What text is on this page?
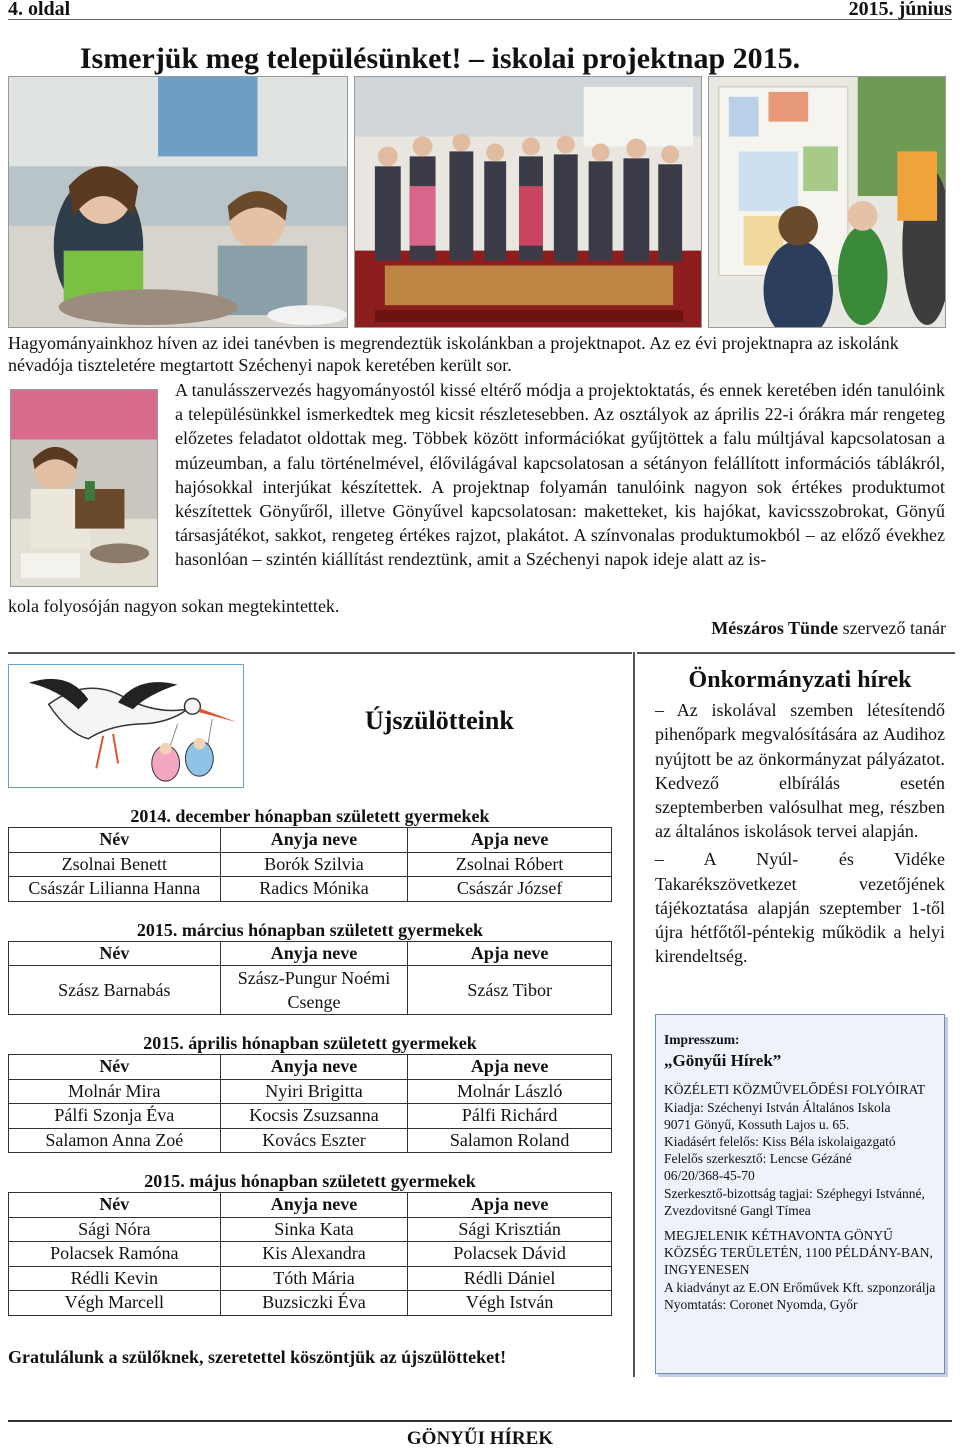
4. oldal	2015. június
Ismerjük meg településünket! – iskolai projektnap 2015.
Hagyományainkhoz híven az idei tanévben is megrendeztük iskolánkban a projektnapot. Az ez évi projektnapra az iskolánk névadója tiszteletére megtartott Széchenyi napok keretében került sor.
A tanulásszervezés hagyományostól kissé eltérő módja a projektoktatás, és ennek keretében idén tanulóink a településünkkel ismerkedtek meg kicsit részletesebben. Az osztályok az április 22-i órákra már rengeteg előzetes feladatot oldottak meg. Többek között információkat gyűjtöttek a falu múltjával kapcsolatosan a múzeumban, a falu történelmével, élővilágával kapcsolatosan a sétányon felállított információs táblákról, hajósokkal interjúkat készítettek. A projektnap folyamán tanulóink nagyon sok értékes produktumot készítettek Gönyűről, illetve Gönyűvel kapcsolatosan: maketteket, kis hajókat, kavicsszobrokat, Gönyű társasjátékot, sakkot, rengeteg értékes rajzot, plakátot. A színvonalas produktumokból – az előző évekhez hasonlóan – szintén kiállítást rendeztünk, amit a Széchenyi napok ideje alatt az is-
kola folyosóján nagyon sokan megtekintettek.
Mészáros Tünde szervező tanár
Újszülötteink
2014. december hónapban született gyermekek
Név	Anyja neve	Apja neve
Zsolnai Benett	Borók Szilvia	Zsolnai Róbert
Császár Lilianna Hanna	Radics Mónika	Császár József
2015. március hónapban született gyermekek
Név	Anyja neve	Apja neve
Szász Barnabás	Szász-Pungur Noémi Csenge	Szász Tibor
2015. április hónapban született gyermekek
Név	Anyja neve	Apja neve
Molnár Mira	Nyiri Brigitta	Molnár László
Pálfi Szonja Éva	Kocsis Zsuzsanna	Pálfi Richárd
Salamon Anna Zoé	Kovács Eszter	Salamon Roland
2015. május hónapban született gyermekek
Név	Anyja neve	Apja neve
Sági Nóra	Sinka Kata	Sági Krisztián
Polacsek Ramóna	Kis Alexandra	Polacsek Dávid
Rédli Kevin	Tóth Mária	Rédli Dániel
Végh Marcell	Buzsiczki Éva	Végh István
Gratulálunk a szülőknek, szeretettel köszöntjük az újszülötteket!
Önkormányzati hírek

– Az iskolával szemben létesítendő pihenőpark megvalósítására az Audihoz nyújtott be az önkormányzat pályázatot. Kedvező elbírálás esetén szeptemberben valósulhat meg, részben az általános iskolások tervei alapján.

– A Nyúl- és Vidéke Takarékszövetkezet vezetőjének tájékoztatása alapján szeptember 1-től újra hétfőtől-péntekig működik a helyi kirendeltség.

Impresszum:
„Gönyűi Hírek”
KÖZÉLETI KÖZMŰVELŐDÉSI FOLYÓIRAT
Kiadja: Széchenyi István Általános Iskola
9071 Gönyű, Kossuth Lajos u. 65.
Kiadásért felelős: Kiss Béla iskolaigazgató
Felelős szerkesztő: Lencse Gézáné
06/20/368-45-70
Szerkesztő-bizottság tagjai: Széphegyi Istvánné, Zvezdovitsné Gangl Tímea
MEGJELENIK KÉTHAVONTA GÖNYŰ KÖZSÉG TERÜLETÉN, 1100 PÉLDÁNY-BAN, INGYENESEN
A kiadványt az E.ON Erőművek Kft. szponzorálja
Nyomtatás: Coronet Nyomda, Győr
GÖNYŰI HÍREK
